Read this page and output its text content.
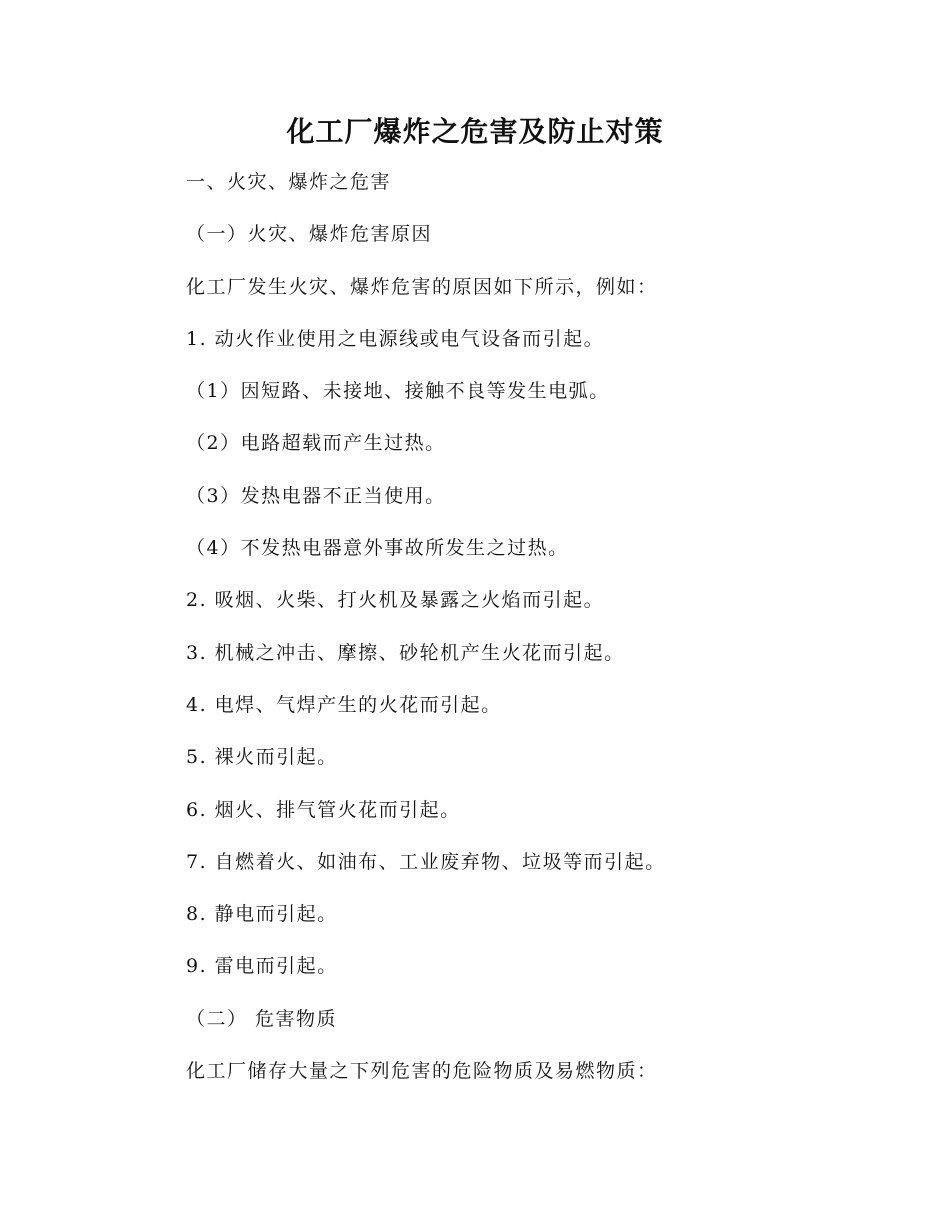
化工厂爆炸之危害及防止对策
一、火灾、爆炸之危害
（一）火灾、爆炸危害原因
化工厂发生火灾、爆炸危害的原因如下所示，例如：
1. 动火作业使用之电源线或电气设备而引起。
（1）因短路、未接地、接触不良等发生电弧。
（2）电路超载而产生过热。
（3）发热电器不正当使用。
（4）不发热电器意外事故所发生之过热。
2. 吸烟、火柴、打火机及暴露之火焰而引起。
3. 机械之冲击、摩擦、砂轮机产生火花而引起。
4. 电焊、气焊产生的火花而引起。
5. 裸火而引起。
6. 烟火、排气管火花而引起。
7. 自燃着火、如油布、工业废弃物、垃圾等而引起。
8. 静电而引起。
9. 雷电而引起。
（二） 危害物质
化工厂储存大量之下列危害的危险物质及易燃物质：
